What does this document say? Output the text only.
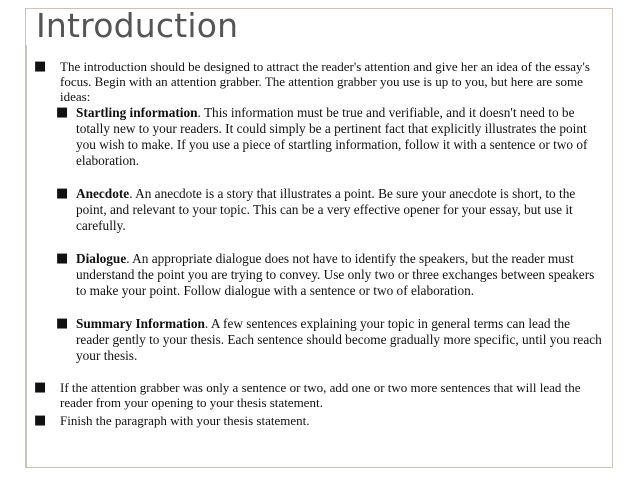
Introduction
■ The introduction should be designed to attract the reader's attention and give her an idea of the essay's focus. Begin with an attention grabber. The attention grabber you use is up to you, but here are some ideas:
■ Startling information. This information must be true and verifiable, and it doesn't need to be totally new to your readers. It could simply be a pertinent fact that explicitly illustrates the point you wish to make. If you use a piece of startling information, follow it with a sentence or two of elaboration.
■ Anecdote. An anecdote is a story that illustrates a point. Be sure your anecdote is short, to the point, and relevant to your topic. This can be a very effective opener for your essay, but use it carefully.
■ Dialogue. An appropriate dialogue does not have to identify the speakers, but the reader must understand the point you are trying to convey. Use only two or three exchanges between speakers to make your point. Follow dialogue with a sentence or two of elaboration.
■ Summary Information. A few sentences explaining your topic in general terms can lead the reader gently to your thesis. Each sentence should become gradually more specific, until you reach your thesis.
■ If the attention grabber was only a sentence or two, add one or two more sentences that will lead the reader from your opening to your thesis statement.
■ Finish the paragraph with your thesis statement.
